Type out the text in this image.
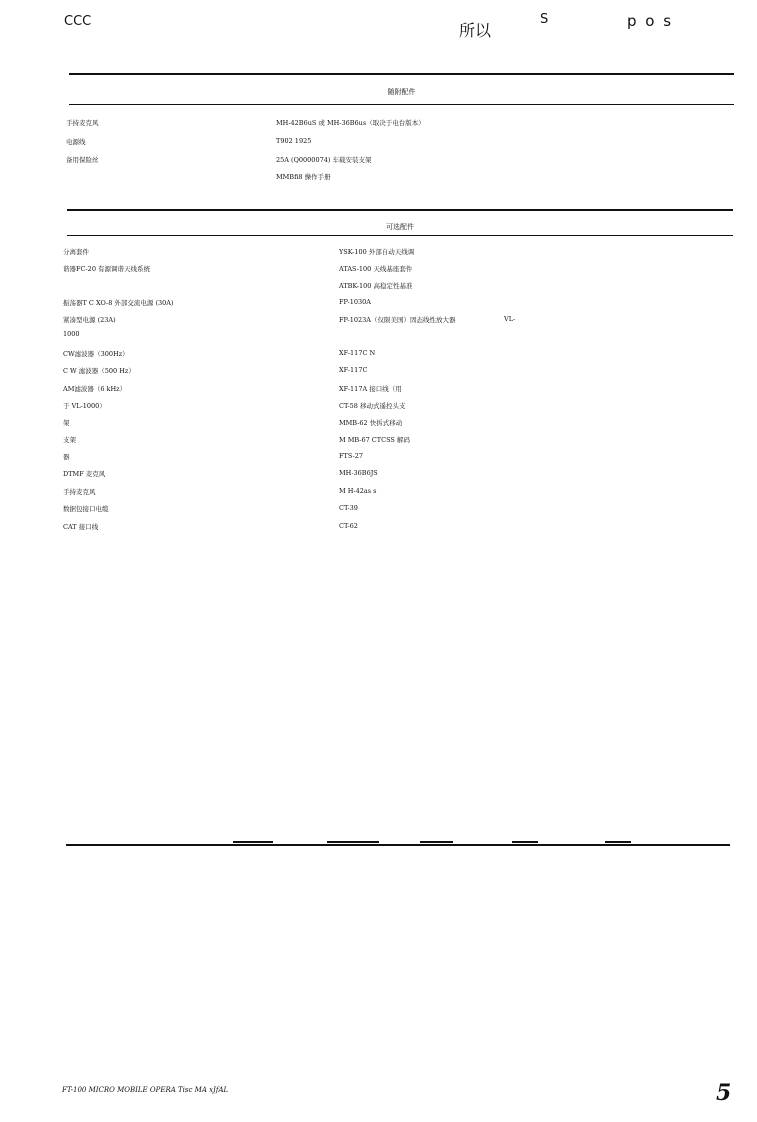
CCC	所以
S	p o s
随附配件
手持麦克风	MH-42B6uS 或 MH-36B6us（取决于电台版本）
电源线	T902 1925
备用保险丝	25A (Q0000074) 车载安装支架
MMBfi8 操作手册
可选配件
分离套件	YSK-100 外部自动天线调
谐器FC-20 有源调谐天线系统	ATAS-100 天线基座套件
ATBK-100 高稳定性基准
振荡器T C XO-8 外部交流电源 (30A)	FP-1030A
紧凑型电源 (23A)	FP-1023A（仅限美国）固态线性放大器	VL-
1000
CW滤波器（300Hz）	XF-117C N
C W 滤波器（500 Hz）	XF-117C
AM滤波器（6 kHz）	XF-117A 接口线（用
于 VL-1000）	CT-58 移动式遥控头支
架	MMB-62 快拆式移动
支架	M MB-67 CTCSS 解码
器	FTS-27
DTMF 麦克风	MH-36B6JS
手持麦克风	M H-42as s
数据包接口电缆	CT-39
CAT 接口线	CT-62
FT-100 MICRO MOBILE OPERA Tisc MA xJfAL	5
